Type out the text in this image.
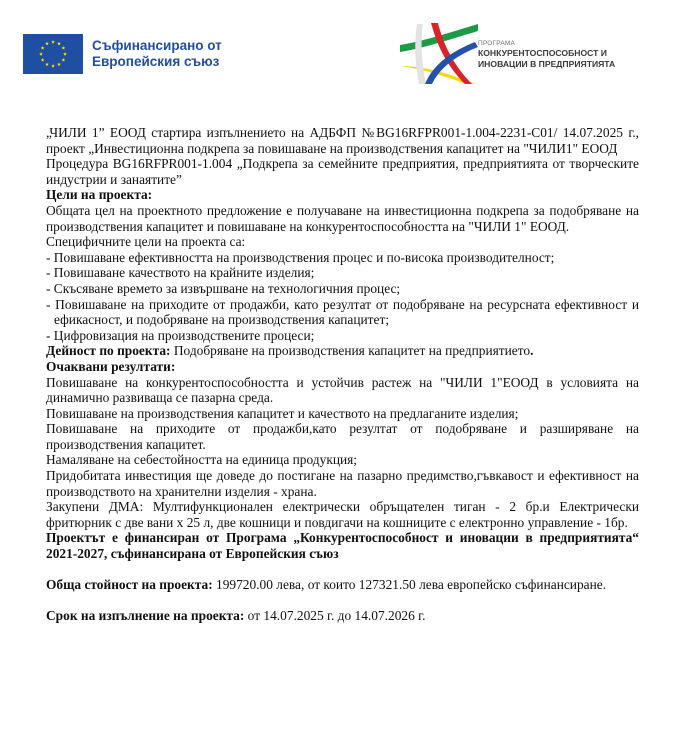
Съфинансирано от
Европейския съюз
ПРОГРАМА
КОНКУРЕНТОСПОСОБНОСТ И
ИНОВАЦИИ В ПРЕДПРИЯТИЯТА

„ЧИЛИ 1” ЕООД стартира изпълнението на АДБФП №BG16RFPR001-1.004-2231-C01/ 14.07.2025 г., проект „Инвестиционна подкрепа за повишаване на производствения капацитет на "ЧИЛИ1" ЕООД

Процедура BG16RFPR001-1.004 „Подкрепа за семейните предприятия, предприятията от творческите индустрии и занаятите”

Цели на проекта:

Общата цел на проектното предложение е получаване на инвестиционна подкрепа за подобряване на производствения капацитет и повишаване на конкурентоспособността на "ЧИЛИ 1" ЕООД.

Специфичните цели на проекта са:

- Повишаване ефективността на производствения процес и по-висока производителност;

- Повишаване качеството на крайните изделия;

- Скъсяване времето за извършване на технологичния процес;

- Повишаване на приходите от продажби, като резултат от подобряване на ресурсната ефективност и ефикасност, и подобряване на производствения капацитет;

- Цифровизация на производствените процеси;

Дейност по проекта: Подобряване на производствения капацитет на предприятието.

Очаквани резултати:

Повишаване на конкурентоспособността и устойчив растеж на "ЧИЛИ 1"ЕООД в условията на динамично развиваща се пазарна среда.

Повишаване на производствения капацитет и качеството на предлаганите изделия;

Повишаване на приходите от продажби,като резултат от подобряване и разширяване на производствения капацитет.

Намаляване на себестойността на единица продукция;

Придобитата инвестиция ще доведе до постигане на пазарно предимство,гъвкавост и ефективност на производството на хранителни изделия - храна.

Закупени ДМА: Мултифункционален електрически обръщателен тиган - 2 бр.и Електрически фритюрник с две вани х 25 л, две кошници и повдигачи на кошниците с електронно управление - 1бр.

Проектът е финансиран от Програма „Конкурентоспособност и иновации в предприятията“ 2021-2027, съфинансирана от Европейския съюз

Обща стойност на проекта: 199720.00 лева, от които 127321.50 лева европейско съфинансиране.

Срок на изпълнение на проекта: от 14.07.2025 г. до 14.07.2026 г.
